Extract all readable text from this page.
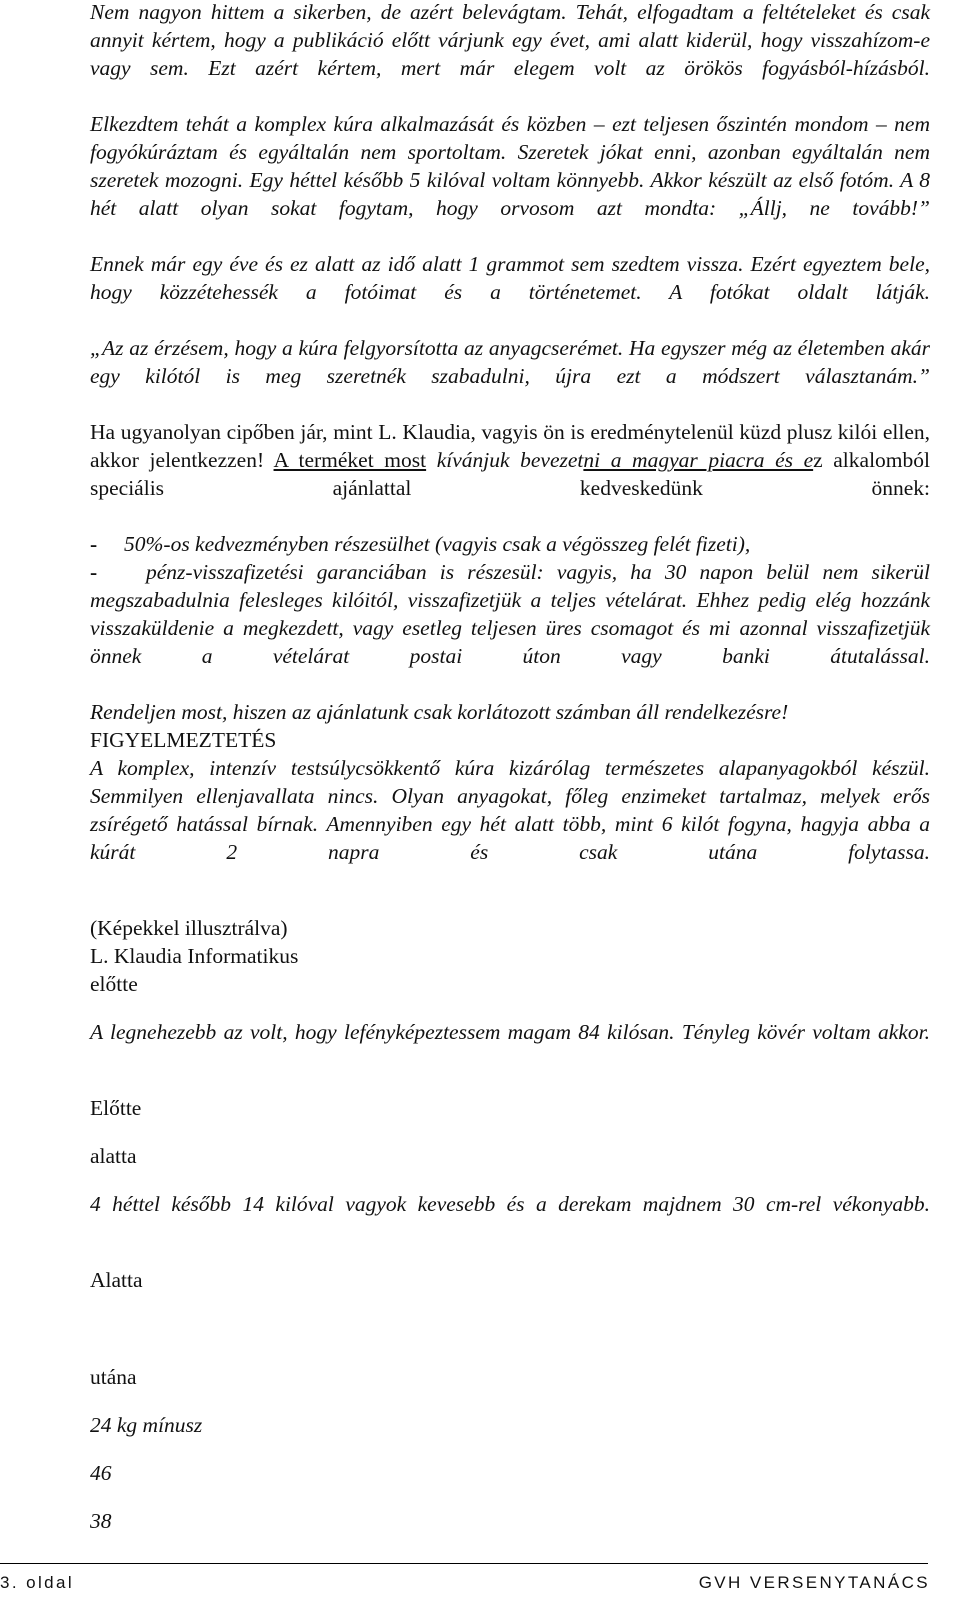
Nem nagyon hittem a sikerben, de azért belevágtam. Tehát, elfogadtam a feltételeket és csak annyit kértem, hogy a publikáció előtt várjunk egy évet, ami alatt kiderül, hogy visszahízom-e vagy sem. Ezt azért kértem, mert már elegem volt az örökös fogyásból-hízásból.

Elkezdtem tehát a komplex kúra alkalmazását és közben – ezt teljesen őszintén mondom – nem fogyókúráztam és egyáltalán nem sportoltam. Szeretek jókat enni, azonban egyáltalán nem szeretek mozogni. Egy héttel később 5 kilóval voltam könnyebb. Akkor készült az első fotóm. A 8 hét alatt olyan sokat fogytam, hogy orvosom azt mondta: „Állj, ne tovább!”

Ennek már egy éve és ez alatt az idő alatt 1 grammot sem szedtem vissza. Ezért egyeztem bele, hogy közzétehessék a fotóimat és a történetemet. A fotókat oldalt látják.

„Az az érzésem, hogy a kúra felgyorsította az anyagcserémet. Ha egyszer még az életemben akár egy kilótól is meg szeretnék szabadulni, újra ezt a módszert választanám.”

Ha ugyanolyan cipőben jár, mint L. Klaudia, vagyis ön is eredménytelenül küzd plusz kilói ellen, akkor jelentkezzen! A terméket most kívánjuk bevezetni a magyar piacra és ez alkalomból speciális ajánlattal kedveskedünk önnek:

- 50%-os kedvezményben részesülhet (vagyis csak a végösszeg felét fizeti),

- pénz-visszafizetési garanciában is részesül: vagyis, ha 30 napon belül nem sikerül megszabadulnia felesleges kilóitól, visszafizetjük a teljes vételárat. Ehhez pedig elég hozzánk visszaküldenie a megkezdett, vagy esetleg teljesen üres csomagot és mi azonnal visszafizetjük önnek a vételárat postai úton vagy banki átutalással.

Rendeljen most, hiszen az ajánlatunk csak korlátozott számban áll rendelkezésre!

FIGYELMEZTETÉS

A komplex, intenzív testsúlycsökkentő kúra kizárólag természetes alapanyagokból készül. Semmilyen ellenjavallata nincs. Olyan anyagokat, főleg enzimeket tartalmaz, melyek erős zsírégető hatással bírnak. Amennyiben egy hét alatt több, mint 6 kilót fogyna, hagyja abba a kúrát 2 napra és csak utána folytassa.

(Képekkel illusztrálva)

L. Klaudia Informatikus

előtte

A legnehezebb az volt, hogy lefényképeztessem magam 84 kilósan. Tényleg kövér voltam akkor.

Előtte

alatta

4 héttel később 14 kilóval vagyok kevesebb és a derekam majdnem 30 cm-rel vékonyabb.

Alatta

utána

24 kg mínusz

46

38

3. oldal	GVH VERSENYTANÁCS
